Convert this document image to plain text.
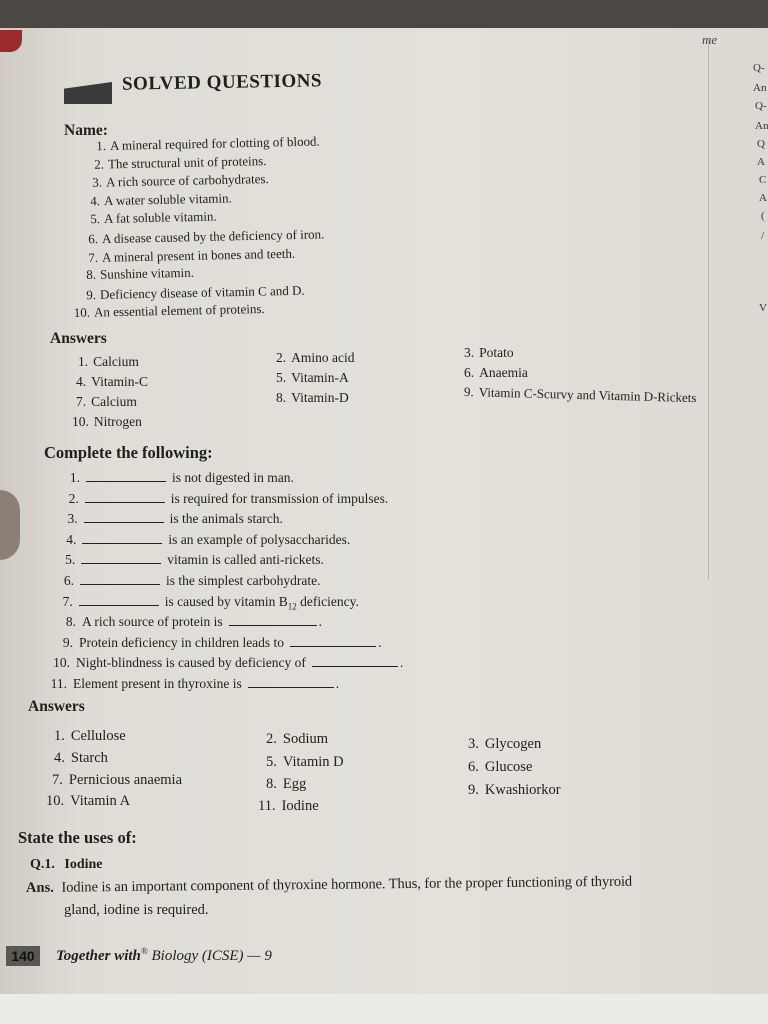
me
Q-
An
Q-
An
Q
A
C
A
(
/
V
SOLVED QUESTIONS
Name:
1. A mineral required for clotting of blood.
2. The structural unit of proteins.
3. A rich source of carbohydrates.
4. A water soluble vitamin.
5. A fat soluble vitamin.
6. A disease caused by the deficiency of iron.
7. A mineral present in bones and teeth.
8. Sunshine vitamin.
9. Deficiency disease of vitamin C and D.
10. An essential element of proteins.
Answers
1. Calcium	2. Amino acid	3. Potato
4. Vitamin-C	5. Vitamin-A	6. Anaemia
7. Calcium	8. Vitamin-D	9. Vitamin C-Scurvy and Vitamin D-Rickets
10. Nitrogen
Complete the following:
1.	is not digested in man.
2.	is required for transmission of impulses.
3.	is the animals starch.
4.	is an example of polysaccharides.
5.	vitamin is called anti-rickets.
6.	is the simplest carbohydrate.
7.	is caused by vitamin $B_{12}$ deficiency.
8. A rich source of protein is	.
9. Protein deficiency in children leads to	.
10. Night-blindness is caused by deficiency of	.
11. Element present in thyroxine is	.
Answers
1. Cellulose	2. Sodium	3. Glycogen
4. Starch	5. Vitamin D	6. Glucose
7. Pernicious anaemia	8. Egg	9. Kwashiorkor
10. Vitamin A	11. Iodine
State the uses of:
Q.1. Iodine
Ans. Iodine is an important component of thyroxine hormone. Thus, for the proper functioning of thyroid
gland, iodine is required.
140	Together with® Biology (ICSE) — 9
